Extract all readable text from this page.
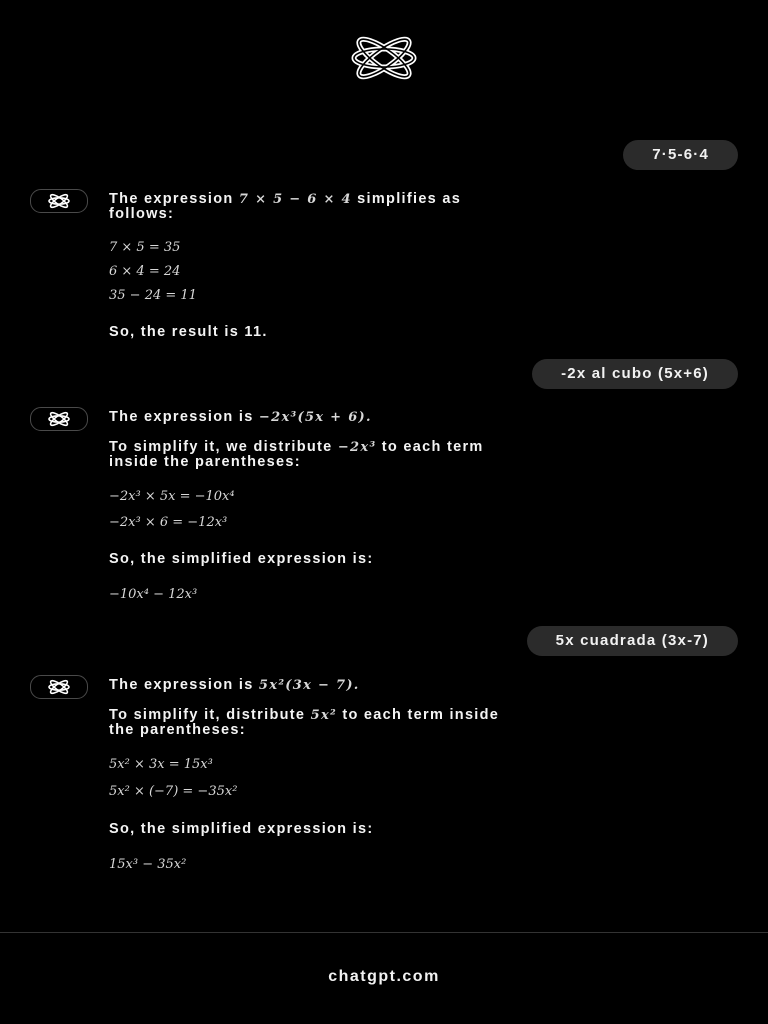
7·5-6·4

The expression 7 × 5 − 6 × 4 simplifies as

follows:

7 × 5 = 35

6 × 4 = 24

35 − 24 = 11

So, the result is 11.

-2x al cubo (5x+6)

The expression is −2x³(5x + 6).

To simplify it, we distribute −2x³ to each term

inside the parentheses:

−2x³ × 5x = −10x⁴

−2x³ × 6 = −12x³

So, the simplified expression is:

−10x⁴ − 12x³

5x cuadrada (3x-7)

The expression is 5x²(3x − 7).

To simplify it, distribute 5x² to each term inside

the parentheses:

5x² × 3x = 15x³

5x² × (−7) = −35x²

So, the simplified expression is:

15x³ − 35x²

chatgpt.com
